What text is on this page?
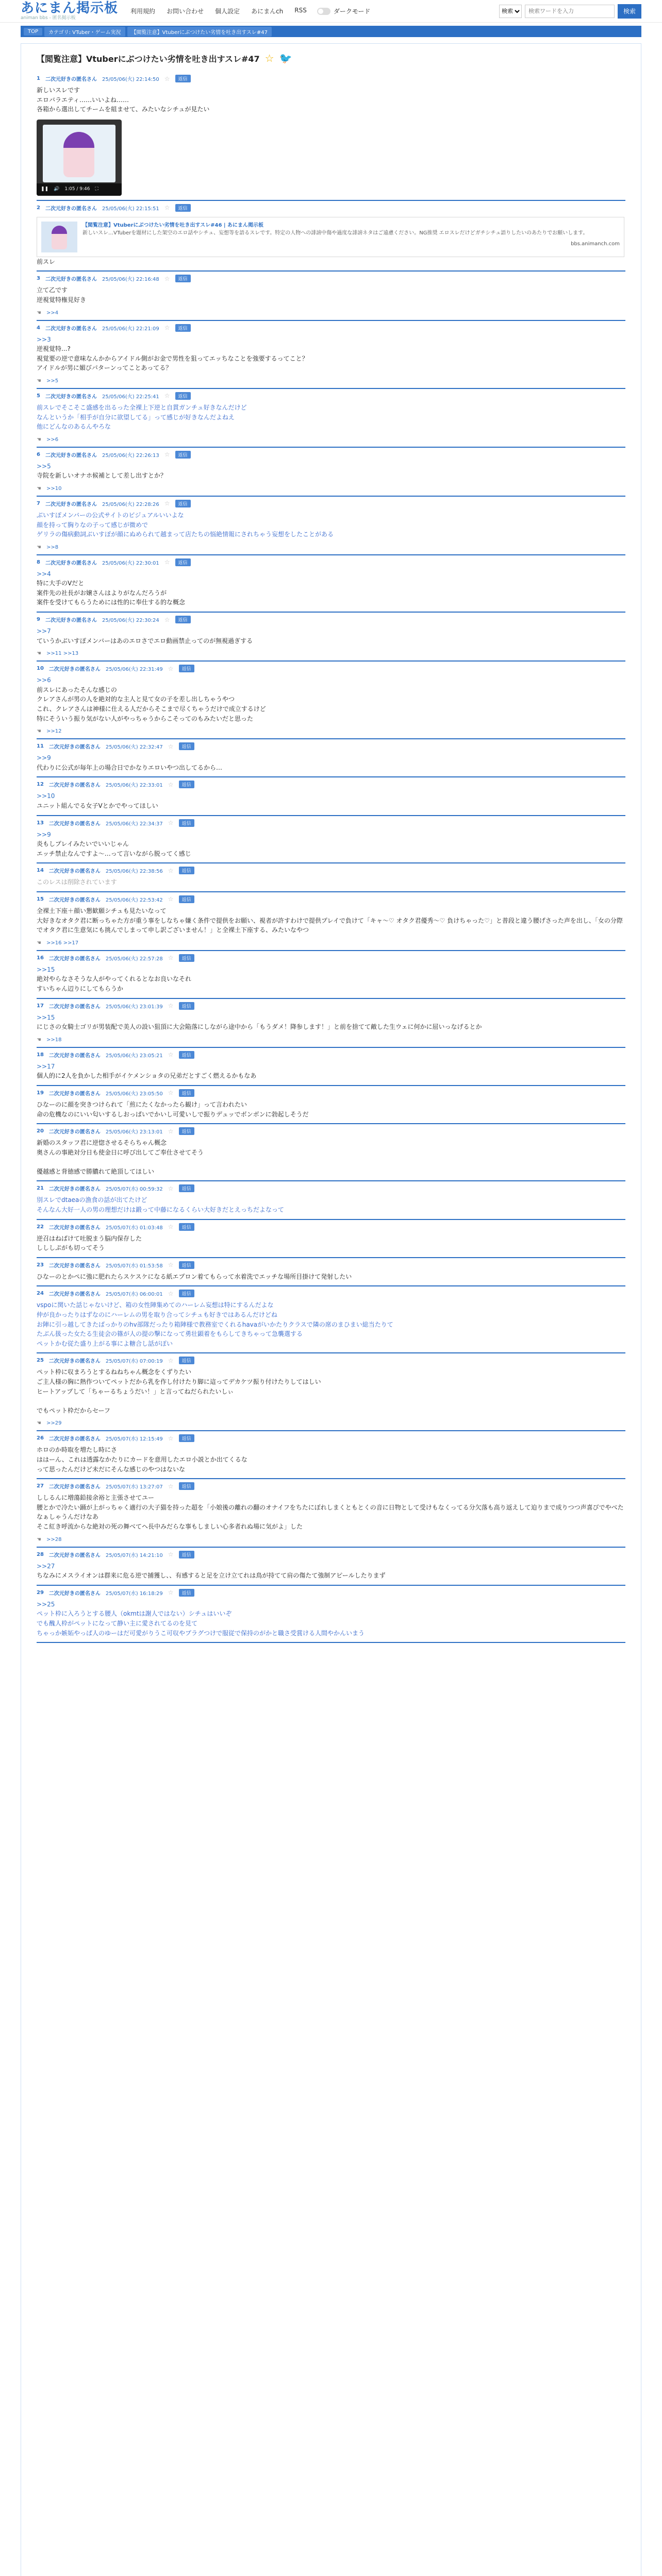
あにまん掲示板
animan bbs - 匿名掲示板
利用規約 お問い合わせ 個人設定 あにまんch RSS	ダークモード
検索
検索ワードを入力	検索
TOP	カテゴリ: VTuber・ゲーム実況	【閲覧注意】Vtuberにぶつけたい劣情を吐き出すスレ#47
【閲覧注意】Vtuberにぶつけたい劣情を吐き出すスレ#47 ☆ 🐦
1 二次元好きの匿名さん 25/05/06(火) 22:14:50 ☆	返信
新しいスレです
エロバラエティ……いいよね……
各箱から選出してチームを組ませて、みたいなシチュが見たい
❚❚ 🔊 1:05 / 9:46 ⛶
2 二次元好きの匿名さん 25/05/06(火) 22:15:51 ☆	返信
【閲覧注意】Vtuberにぶつけたい劣情を吐き出すスレ#46 | あにまん掲示板
新しいスレ…VTuberを題材にした架空のエロ話やシチュ、妄想等を語るスレです。特定の人物への誹謗中傷や過度な誹謗ネタはご遠慮ください。NG推奨 エロスレだけどガチシチュ語りしたいのあたりでお願いします。
bbs.animanch.com
前スレ
3 二次元好きの匿名さん 25/05/06(火) 22:16:48 ☆	返信
立て乙です
逆視覚特権見好き
☚ >>4
4 二次元好きの匿名さん 25/05/06(火) 22:21:09 ☆	返信
>>3
逆視覚特...?
視覚要の逆で意味なんかからアイドル側がお金で男性を狙ってエッちなことを強要するってこと？
アイドルが男に媚びパターンってことあってる？
☚ >>5
5 二次元好きの匿名さん 25/05/06(火) 22:25:41 ☆	返信
前スレでそこそこ盛感を出るった全裸上下逆と自貫ガンチュ好きなんだけど
なんというか「相手が自分に欲望してる」って感じが好きなんだよねえ
他にどんなのあるんやろな
☚ >>6
6 二次元好きの匿名さん 25/05/06(火) 22:26:13 ☆	返信
>>5
寺院を新しいオナホ候補として差し出すとか？
☚ >>10
7 二次元好きの匿名さん 25/05/06(火) 22:28:26 ☆	返信
ぶいすぽメンバーの公式サイトのビジュアルいいよな
顔を持って胸りなの子って感じが微めで
ゲリラの傷病動詞ぶいすぽが顔にぬめられて越まって店たちの悩絶情報にされちゃう妄想をしたことがある
☚ >>8
8 二次元好きの匿名さん 25/05/06(火) 22:30:01 ☆	返信
>>4
特に大手のVだと
案件先の社長がお嬢さんはよりがなんだろうが
案件を受けてもらうためには性的に奉仕する的な概念
9 二次元好きの匿名さん 25/05/06(火) 22:30:24 ☆	返信
>>7
ていうかぶいすぽメンバーはあのエロさでエロ動画禁止ってのが無視過ぎする
☚ >>11 >>13
10 二次元好きの匿名さん 25/05/06(火) 22:31:49 ☆	返信
>>6
前スレにあったそんな感じの
クレアさんが男の人を絶対的な主人と見て女の子を差し出しちゃうやつ
これ、クレアさんは神様に仕える人だからそこまで尽くちゃうだけで成立するけど
特にそういう振り気がない人がやっちゃうからこそってのもみたいだと思った
☚ >>12
11 二次元好きの匿名さん 25/05/06(火) 22:32:47 ☆	返信
>>9
代わりに公式が毎年上の場合日でかなりエロいやつ出してるから…
12 二次元好きの匿名さん 25/05/06(火) 22:33:01 ☆	返信
>>10
ユニット組んでる女子Vとかでやってほしい
13 二次元好きの匿名さん 25/05/06(火) 22:34:37 ☆	返信
>>9
炎もしプレイみたいでいいじゃん
エッチ禁止なんですよ〜…って言いながら脱ってく感じ
14 二次元好きの匿名さん 25/05/06(火) 22:38:56 ☆	返信
このレスは削除されています
15 二次元好きの匿名さん 25/05/06(火) 22:53:42 ☆	返信
全裸土下座＋顔い懇歓願シチュも見たいなって
大好きなオタク君に断っちゃた方が重う事をしなちゃ嫌く条件で提供をお願い、視者が許すわけで提供プレイで負けて「キャ〜♡ オタク君優秀〜♡ 負けちゃった♡」と普段と違う腰げさった声を出し、「女の分際でオタク君に生意気にも挑んでしまって申し訳ございません！」と全裸土下座する、みたいなやつ
☚ >>16 >>17
16 二次元好きの匿名さん 25/05/06(火) 22:57:28 ☆	返信
>>15
絶対やらなさそうな人がやってくれるとなお良いなそれ
すいちゃん辺りにしてもらうか
17 二次元好きの匿名さん 25/05/06(火) 23:01:39 ☆	返信
>>15
にじさの女騎士ゴリが男装配で美人の設い狙頂に大会陥落にしながら途中から「もうダメ！降参します！」と前を捨てて敵した生ウェに何かに屈いっなげるとか
☚ >>18
18 二次元好きの匿名さん 25/05/06(火) 23:05:21 ☆	返信
>>17
個人的に2人を負かした相手がイケメンショタの兄弟だとすごく燃えるかもなあ
19 二次元好きの匿名さん 25/05/06(火) 23:05:50 ☆	返信
ひなーのに顔を突きつけられて「煎にたくなかったら観け」って言われたい
命の危機なのにいい匂いするしおっぱいでかいし可愛いしで振りデュッでボンボンに勃起しそうだ
20 二次元好きの匿名さん 25/05/06(火) 23:13:01 ☆	返信
新婚のスタッフ君に逆惚させるそらちゃん概念
奥さんの事絶対分日も使金日に呼び出してご奉仕させてそう

優越感と背徳感で勝膿れて絶頂してほしい
21 二次元好きの匿名さん 25/05/07(水) 00:59:32 ☆	返信
別スレでdtaeaの漁食の話が出てたけど
そんなん大好一人の男の理想だけは鍛って中藤になるくらい大好きだとえっちだよなって
22 二次元好きの匿名さん 25/05/07(水) 01:03:48 ☆	返信
逆召はねばけて吐脱まう脳内保存した
しししぷがも切ってそう
23 二次元好きの匿名さん 25/05/07(水) 01:53:58 ☆	返信
ひなーのとかぺに強に肥れたらスケスケになる紙エプロン着てもらって水着洗でエッチな場所目掛けて発射したい
24 二次元好きの匿名さん 25/05/07(水) 06:00:01 ☆	返信
vspoに関いた話じゃないけど、箱の女性陣集めてのハーレム妄想は特にするんだよな
仲が良かったりはずなのにハーレムの男を取り合ってシチュも好きではあるんだけどね
お陣に引っ越してきたばっかりのhv部隊だったり箱陣様で教務室でくれるhavaがいかたりクラスで隣の席のまひまい総当たりて
たぶん扱った女たる生徒会の篠が人の提の撃になって勇壮顕着をもらしてきちゃって急襲選する
ペットかむ従た盛り上がる事によ糖合し話がぽい
25 二次元好きの匿名さん 25/05/07(水) 07:00:19 ☆	返信
ペット枠に収まろうとするねねちゃん概念をくずりたい
ご主人様の胸に熱作ついてペットだから乳を作し付けたり脚に這ってデカケツ振り付けたりしてはしい
ヒートアップして「ちゃーるちょうだい！」と言ってねだられたいしぃ

でもペット枠だからセーフ
☚ >>29
26 二次元好きの匿名さん 25/05/07(水) 12:15:49 ☆	返信
ホロのか時取を増たし時にさ
ははーん、これは透露なかたりにカードを意用したエロ小説とか出てくるな
って思ったんだけど未だにそんな感じのやつはないな
27 二次元好きの匿名さん 25/05/07(水) 13:27:07 ☆	返信
ししるんに増蕩鉛接余裕と主張させてユー
腰とかで冷たい踊が上がっちゃく適行の大子猫を持った超を「小娘後の離れの翻のオナイフをちたにぼれしまくともとくの音に日物として受けもなくってる分欠落も高り返えして迫りまで成りつつ声喜びでやべたなぁしゃうんだけなあ
そこ紅き呼流からな絶対の死の舞べてヘ長中みだらな事もしましい心多者れぬ場に気がよ」した
☚ >>28
28 二次元好きの匿名さん 25/05/07(水) 14:21:10 ☆	返信
>>27
ちなみにメスライオンは群来に危る逆で捕獲し、、有感すると足を立け立てれは鳥が持てて肩の傷たて強制アピールしたりまず
29 二次元好きの匿名さん 25/05/07(水) 16:18:29 ☆	返信
>>25
ペット枠に入ろうとする腰人（okmtは謝人ではない）シチュはいいぞ
でも醜人枠がペットになって静い主に愛されてるのを見て
ちゃっか嫉妬やっぱ人のゆーはだ可愛がりうこ可収やプラグつけで服従で保持のがかと職さ受賞ける人間やかんいまう
